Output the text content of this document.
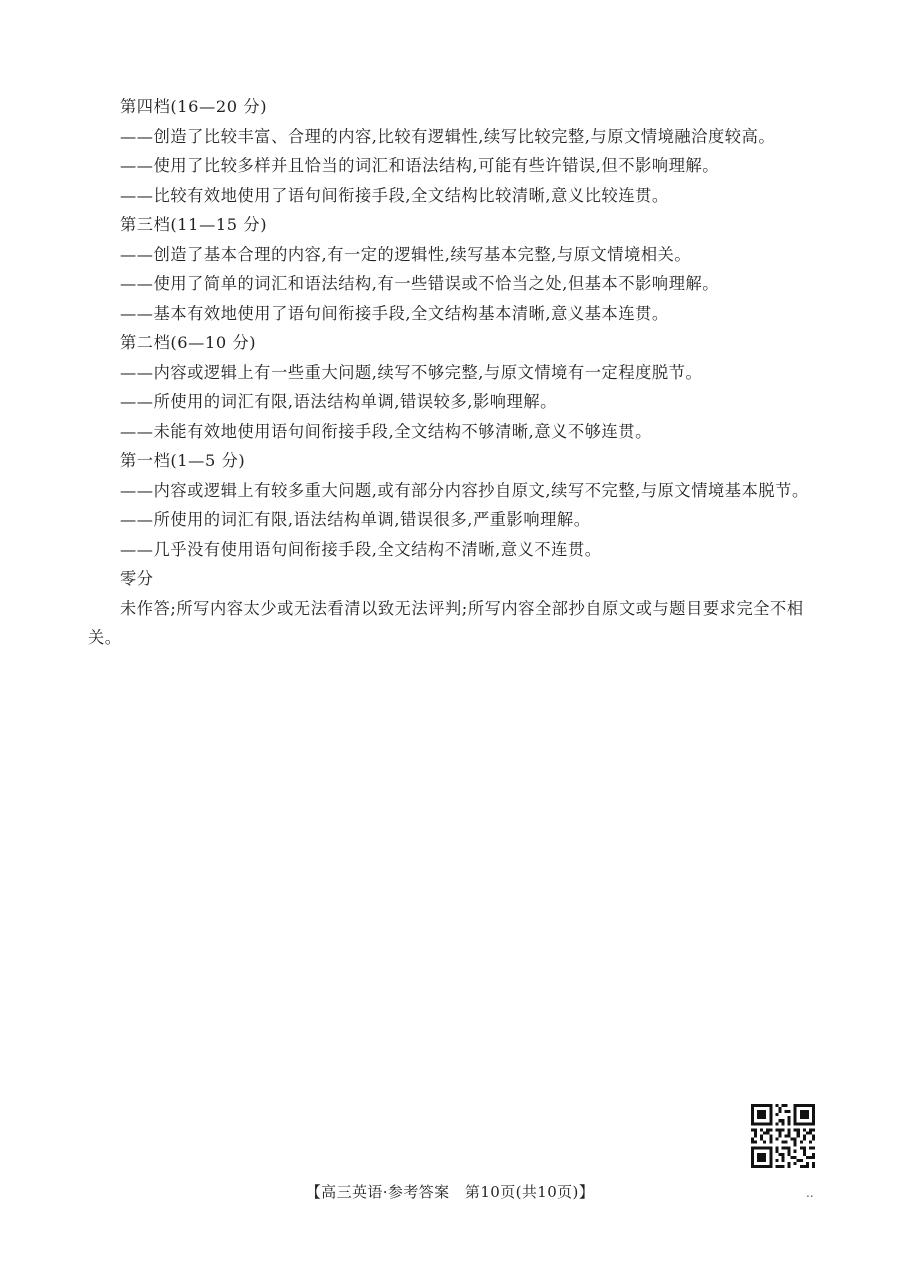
第四档(16—20 分)
——创造了比较丰富、合理的内容,比较有逻辑性,续写比较完整,与原文情境融洽度较高。
——使用了比较多样并且恰当的词汇和语法结构,可能有些许错误,但不影响理解。
——比较有效地使用了语句间衔接手段,全文结构比较清晰,意义比较连贯。
第三档(11—15 分)
——创造了基本合理的内容,有一定的逻辑性,续写基本完整,与原文情境相关。
——使用了简单的词汇和语法结构,有一些错误或不恰当之处,但基本不影响理解。
——基本有效地使用了语句间衔接手段,全文结构基本清晰,意义基本连贯。
第二档(6—10 分)
——内容或逻辑上有一些重大问题,续写不够完整,与原文情境有一定程度脱节。
——所使用的词汇有限,语法结构单调,错误较多,影响理解。
——未能有效地使用语句间衔接手段,全文结构不够清晰,意义不够连贯。
第一档(1—5 分)
——内容或逻辑上有较多重大问题,或有部分内容抄自原文,续写不完整,与原文情境基本脱节。
——所使用的词汇有限,语法结构单调,错误很多,严重影响理解。
——几乎没有使用语句间衔接手段,全文结构不清晰,意义不连贯。
零分
未作答;所写内容太少或无法看清以致无法评判;所写内容全部抄自原文或与题目要求完全不相关。
【高三英语·参考答案　第10页(共10页)】	..
